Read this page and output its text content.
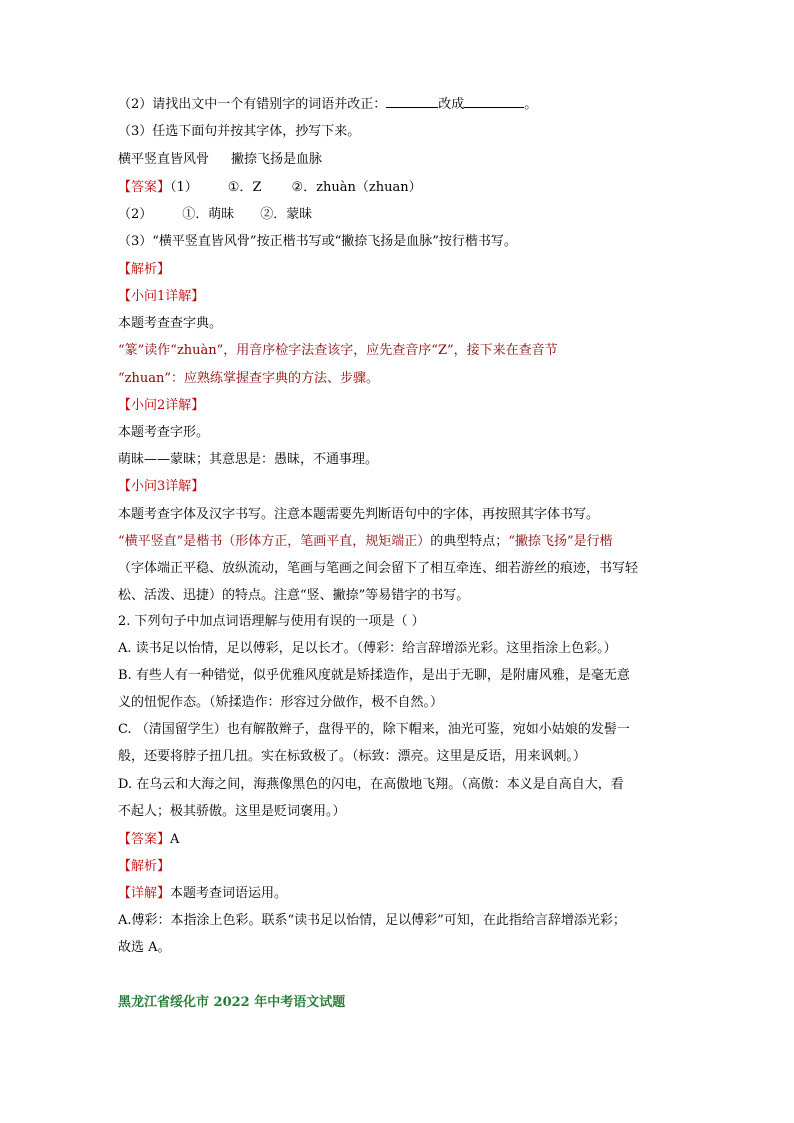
（2）请找出文中一个有错别字的词语并改正：	改成	。
（3）任选下面句并按其字体，抄写下来。
横平竖直皆风骨 撇捺飞扬是血脉
【答案】（1） ①．Z ②．zhuàn（zhuan）
（2） ①．萌昧 ②．蒙昧
（3）“横平竖直皆风骨”按正楷书写或“撇捺飞扬是血脉”按行楷书写。
【解析】
【小问1详解】
本题考查查字典。
“篆”读作“zhuàn”，用音序检字法查该字，应先查音序“Z”，接下来在查音节
“zhuan”：应熟练掌握查字典的方法、步骤。
【小问2详解】
本题考查字形。
萌昧——蒙昧；其意思是：愚昧，不通事理。
【小问3详解】
本题考查字体及汉字书写。注意本题需要先判断语句中的字体，再按照其字体书写。
“横平竖直”是楷书（形体方正，笔画平直，规矩端正）的典型特点；“撇捺飞扬”是行楷
（字体端正平稳、放纵流动，笔画与笔画之间会留下了相互牵连、细若游丝的痕迹，书写轻
松、活泼、迅捷）的特点。注意“竖、撇捺”等易错字的书写。
2. 下列句子中加点词语理解与使用有误的一项是（ ）
A. 读书足以怡情，足以傅彩，足以长才。（傅彩：给言辞增添光彩。这里指涂上色彩。）
B. 有些人有一种错觉，似乎优雅风度就是矫揉造作，是出于无聊，是附庸风雅，是毫无意
义的忸怩作态。（矫揉造作：形容过分做作，极不自然。）
C. （清国留学生）也有解散辫子，盘得平的，除下帽来，油光可鉴，宛如小姑娘的发髻一
般，还要将脖子扭几扭。实在标致极了。（标致：漂亮。这里是反语，用来讽刺。）
D. 在乌云和大海之间，海燕像黑色的闪电，在高傲地飞翔。（高傲：本义是自高自大，看
不起人；极其骄傲。这里是贬词褒用。）
【答案】A
【解析】
【详解】本题考查词语运用。
A.傅彩：本指涂上色彩。联系“读书足以怡情，足以傅彩”可知，在此指给言辞增添光彩；
故选 A。
黑龙江省绥化市 2022 年中考语文试题
